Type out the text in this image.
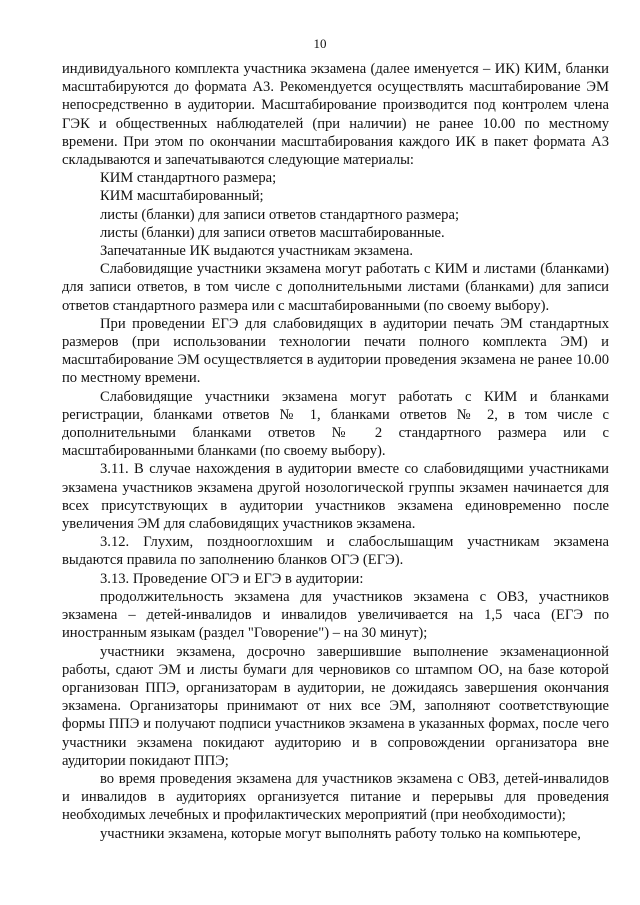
10

индивидуального комплекта участника экзамена (далее именуется – ИК) КИМ, бланки масштабируются до формата А3. Рекомендуется осуществлять масштабирование ЭМ непосредственно в аудитории. Масштабирование производится под контролем члена ГЭК и общественных наблюдателей (при наличии) не ранее 10.00 по местному времени. При этом по окончании масштабирования каждого ИК в пакет формата А3 складываются и запечатываются следующие материалы:

КИМ стандартного размера;

КИМ масштабированный;

листы (бланки) для записи ответов стандартного размера;

листы (бланки) для записи ответов масштабированные.

Запечатанные ИК выдаются участникам экзамена.

Слабовидящие участники экзамена могут работать с КИМ и листами (бланками) для записи ответов, в том числе с дополнительными листами (бланками) для записи ответов стандартного размера или с масштабированными (по своему выбору).

При проведении ЕГЭ для слабовидящих в аудитории печать ЭМ стандартных размеров (при использовании технологии печати полного комплекта ЭМ) и масштабирование ЭМ осуществляется в аудитории проведения экзамена не ранее 10.00 по местному времени.

Слабовидящие участники экзамена могут работать с КИМ и бланками регистрации, бланками ответов № 1, бланками ответов № 2, в том числе с дополнительными бланками ответов № 2 стандартного размера или с масштабированными бланками (по своему выбору).

3.11. В случае нахождения в аудитории вместе со слабовидящими участниками экзамена участников экзамена другой нозологической группы экзамен начинается для всех присутствующих в аудитории участников экзамена единовременно после увеличения ЭМ для слабовидящих участников экзамена.

3.12. Глухим, позднооглохшим и слабослышащим участникам экзамена выдаются правила по заполнению бланков ОГЭ (ЕГЭ).

3.13. Проведение ОГЭ и ЕГЭ в аудитории:

продолжительность экзамена для участников экзамена с ОВЗ, участников экзамена – детей-инвалидов и инвалидов увеличивается на 1,5 часа (ЕГЭ по иностранным языкам (раздел "Говорение") – на 30 минут);

участники экзамена, досрочно завершившие выполнение экзаменационной работы, сдают ЭМ и листы бумаги для черновиков со штампом ОО, на базе которой организован ППЭ, организаторам в аудитории, не дожидаясь завершения окончания экзамена. Организаторы принимают от них все ЭМ, заполняют соответствующие формы ППЭ и получают подписи участников экзамена в указанных формах, после чего участники экзамена покидают аудиторию и в сопровождении организатора вне аудитории покидают ППЭ;

во время проведения экзамена для участников экзамена с ОВЗ, детей-инвалидов и инвалидов в аудиториях организуется питание и перерывы для проведения необходимых лечебных и профилактических мероприятий (при необходимости);

участники экзамена, которые могут выполнять работу только на компьютере,
